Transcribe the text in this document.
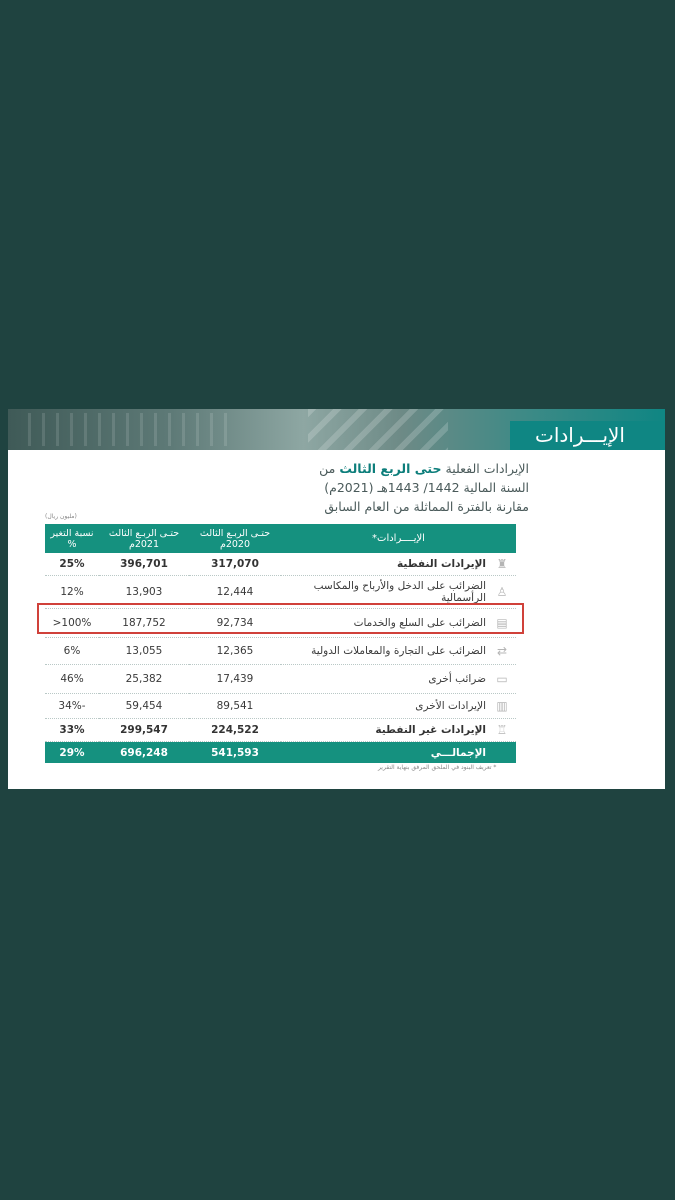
الإيـــرادات
الإيرادات الفعلية حتى الربع الثالث من
السنة المالية 1442/ 1443هـ (2021م)
مقارنة بالفترة المماثلة من العام السابق
(مليون ريال)
الإيــــرادات*	حتـى الربـع الثالث 2020م	حتـى الربـع الثالث 2021م	نسبة التغير %

♜
الإيرادات النفطية	317,070	396,701	25%

♙
الضرائب على الدخل والأرباح والمكاسب الرأسمالية	12,444	13,903	12%

▤
الضرائب على السلع والخدمات	92,734	187,752	100%<

⇄
الضرائب على التجارة والمعاملات الدولية	12,365	13,055	6%

▭
ضرائب أخرى	17,439	25,382	46%

▥
الإيرادات الأخرى	89,541	59,454	-34%

♖
الإيرادات غير النفطية	224,522	299,547	33%
الإجمالـــي	541,593	696,248	29%
* تعريف البنود في الملحق المرفق بنهاية التقرير
